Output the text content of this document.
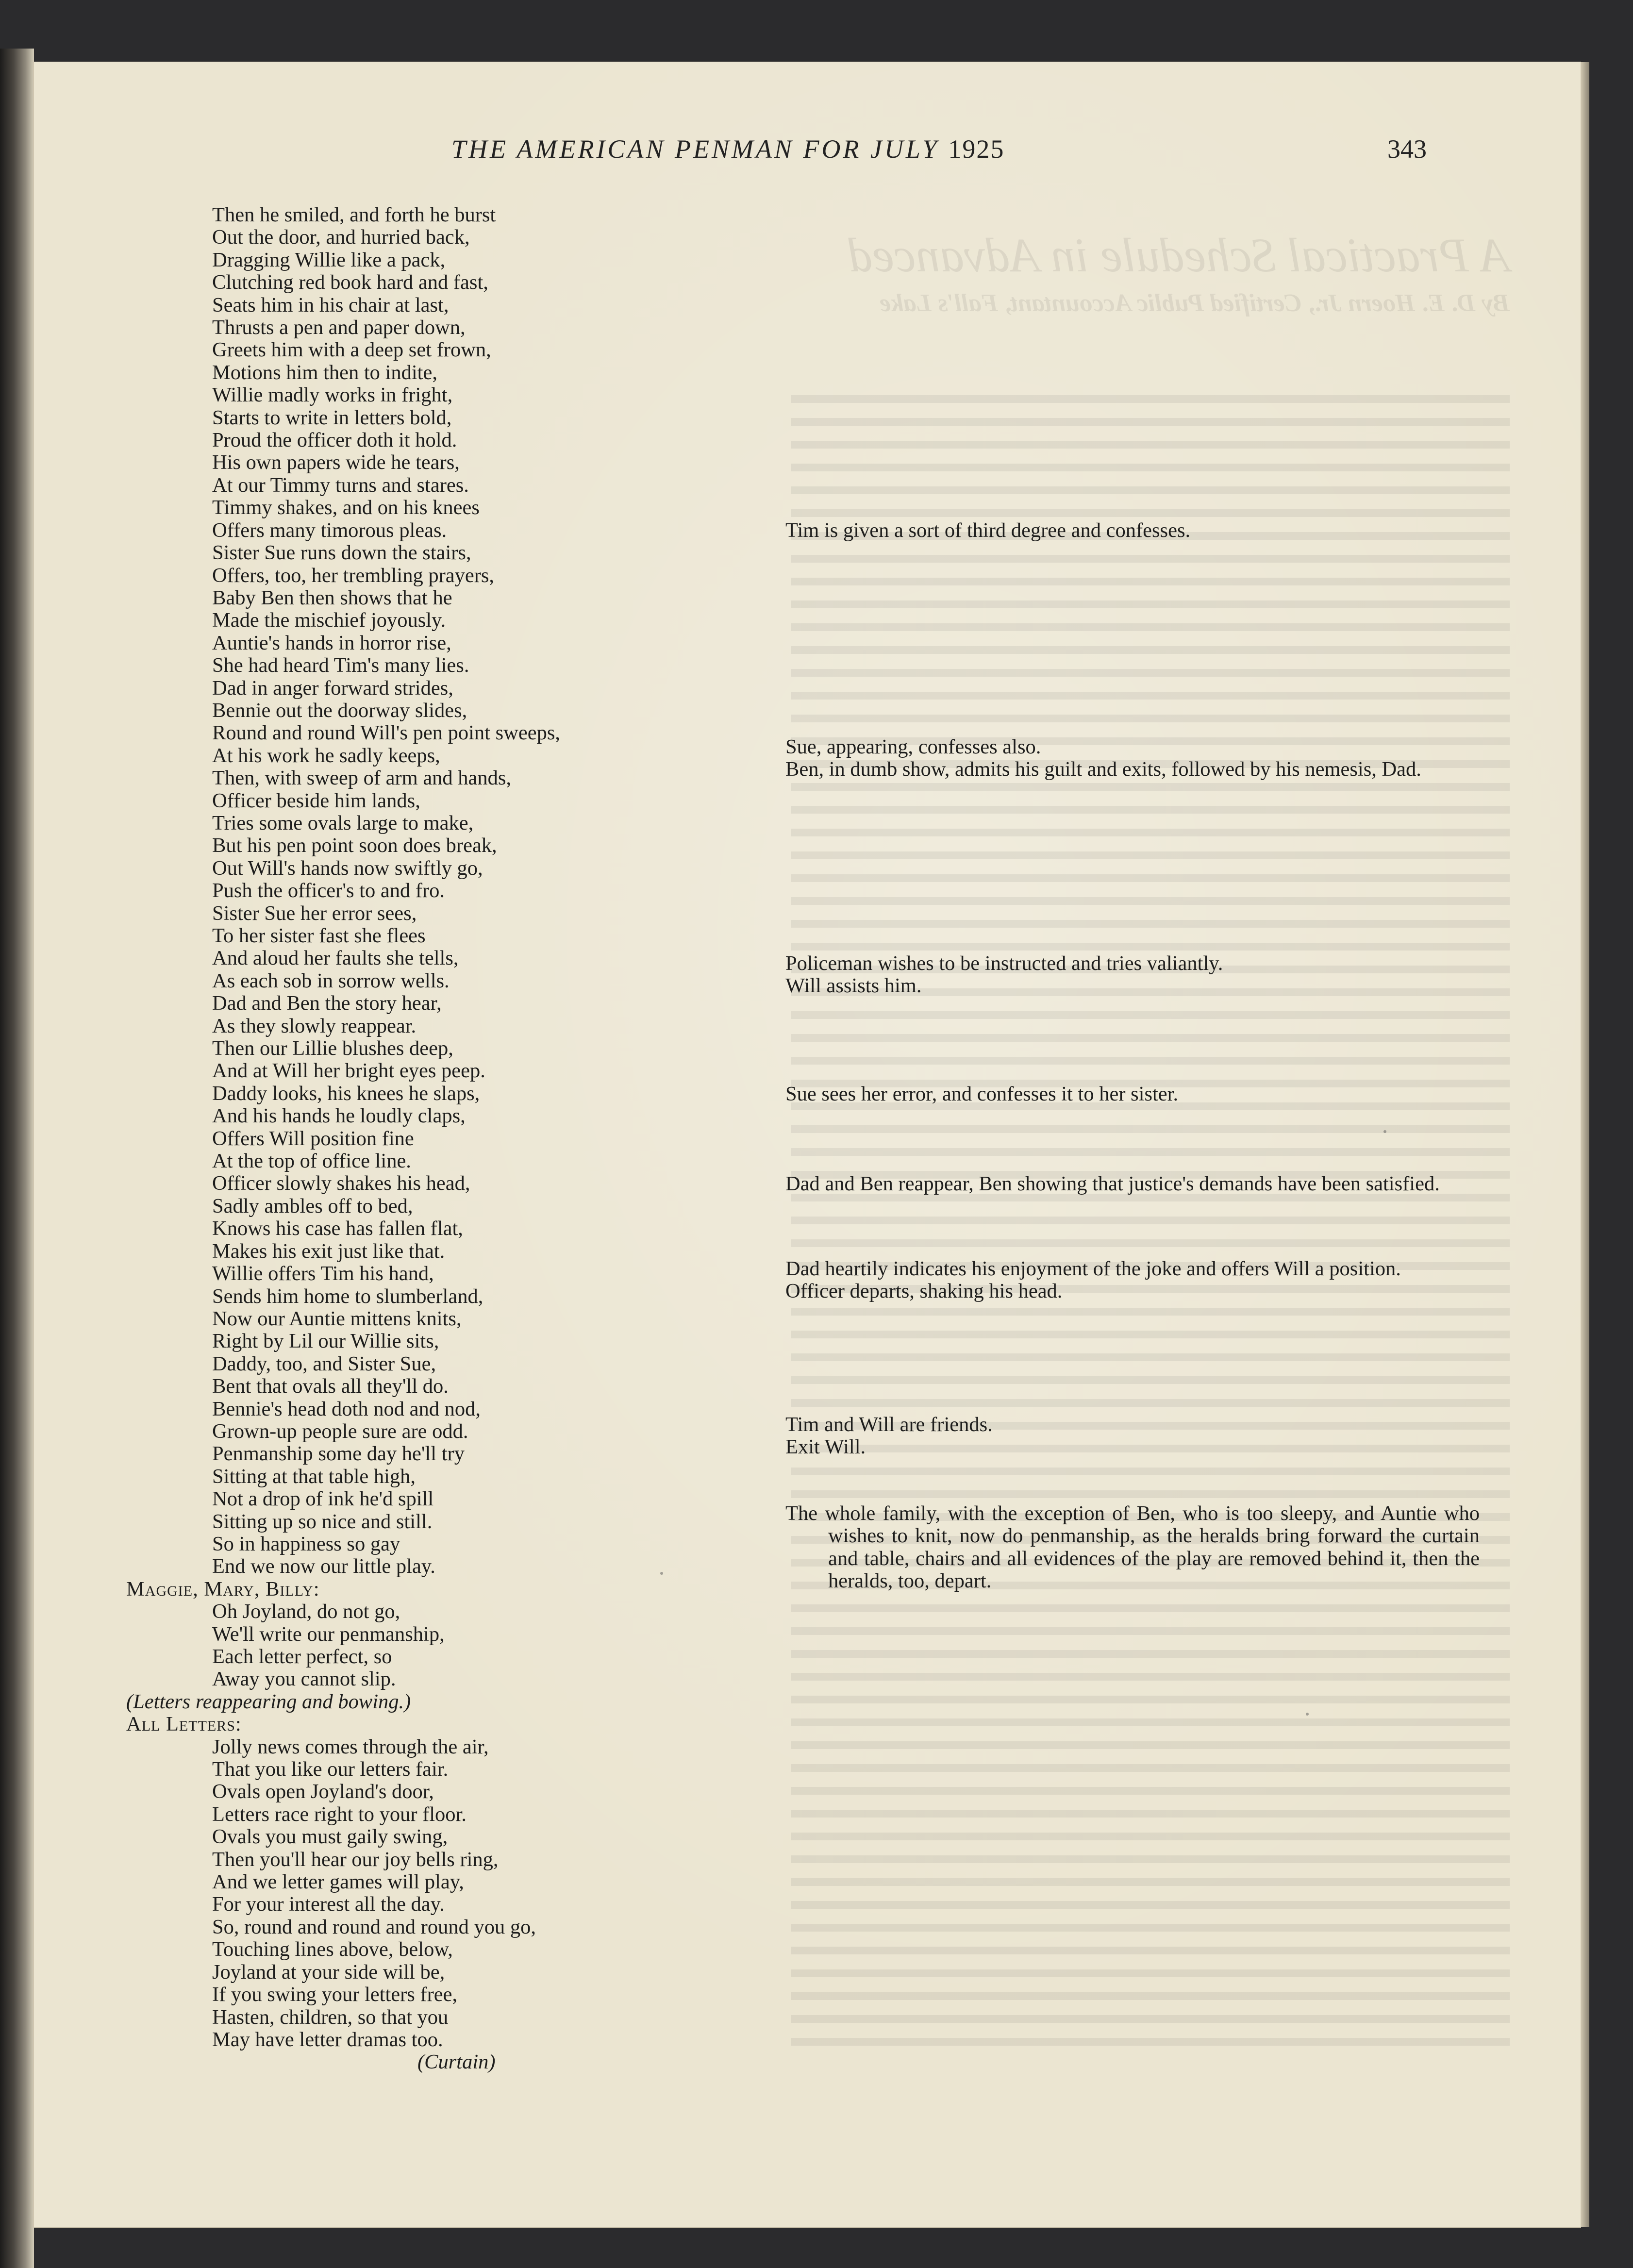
A Practical Schedule in Advanced
By D. E. Hoern Jr., Certified Public Accountant, Fall's Lake
THE AMERICAN PENMAN FOR JULY 1925	343
Then he smiled, and forth he burst
Out the door, and hurried back,
Dragging Willie like a pack,
Clutching red book hard and fast,
Seats him in his chair at last,
Thrusts a pen and paper down,
Greets him with a deep set frown,
Motions him then to indite,
Willie madly works in fright,
Starts to write in letters bold,
Proud the officer doth it hold.
His own papers wide he tears,
At our Timmy turns and stares.
Timmy shakes, and on his knees
Offers many timorous pleas.
Sister Sue runs down the stairs,
Offers, too, her trembling prayers,
Baby Ben then shows that he
Made the mischief joyously.
Auntie's hands in horror rise,
She had heard Tim's many lies.
Dad in anger forward strides,
Bennie out the doorway slides,
Round and round Will's pen point sweeps,
At his work he sadly keeps,
Then, with sweep of arm and hands,
Officer beside him lands,
Tries some ovals large to make,
But his pen point soon does break,
Out Will's hands now swiftly go,
Push the officer's to and fro.
Sister Sue her error sees,
To her sister fast she flees
And aloud her faults she tells,
As each sob in sorrow wells.
Dad and Ben the story hear,
As they slowly reappear.
Then our Lillie blushes deep,
And at Will her bright eyes peep.
Daddy looks, his knees he slaps,
And his hands he loudly claps,
Offers Will position fine
At the top of office line.
Officer slowly shakes his head,
Sadly ambles off to bed,
Knows his case has fallen flat,
Makes his exit just like that.
Willie offers Tim his hand,
Sends him home to slumberland,
Now our Auntie mittens knits,
Right by Lil our Willie sits,
Daddy, too, and Sister Sue,
Bent that ovals all they'll do.
Bennie's head doth nod and nod,
Grown-up people sure are odd.
Penmanship some day he'll try
Sitting at that table high,
Not a drop of ink he'd spill
Sitting up so nice and still.
So in happiness so gay
End we now our little play.
Maggie, Mary, Billy:
Oh Joyland, do not go,
We'll write our penmanship,
Each letter perfect, so
Away you cannot slip.
(Letters reappearing and bowing.)
All Letters:
Jolly news comes through the air,
That you like our letters fair.
Ovals open Joyland's door,
Letters race right to your floor.
Ovals you must gaily swing,
Then you'll hear our joy bells ring,
And we letter games will play,
For your interest all the day.
So, round and round and round you go,
Touching lines above, below,
Joyland at your side will be,
If you swing your letters free,
Hasten, children, so that you
May have letter dramas too.
(Curtain)

Tim is given a sort of third degree and confesses.

Sue, appearing, confesses also.

Ben, in dumb show, admits his guilt and exits, followed by his nemesis, Dad.

Policeman wishes to be instructed and tries valiantly.

Will assists him.

Sue sees her error, and confesses it to her sister.

Dad and Ben reappear, Ben showing that justice's demands have been satisfied.

Dad heartily indicates his enjoyment of the joke and offers Will a position.

Officer departs, shaking his head.

Tim and Will are friends.

Exit Will.

The whole family, with the exception of Ben, who is too sleepy, and Auntie who wishes to knit, now do penmanship, as the heralds bring forward the curtain and table, chairs and all evidences of the play are removed behind it, then the heralds, too, depart.
